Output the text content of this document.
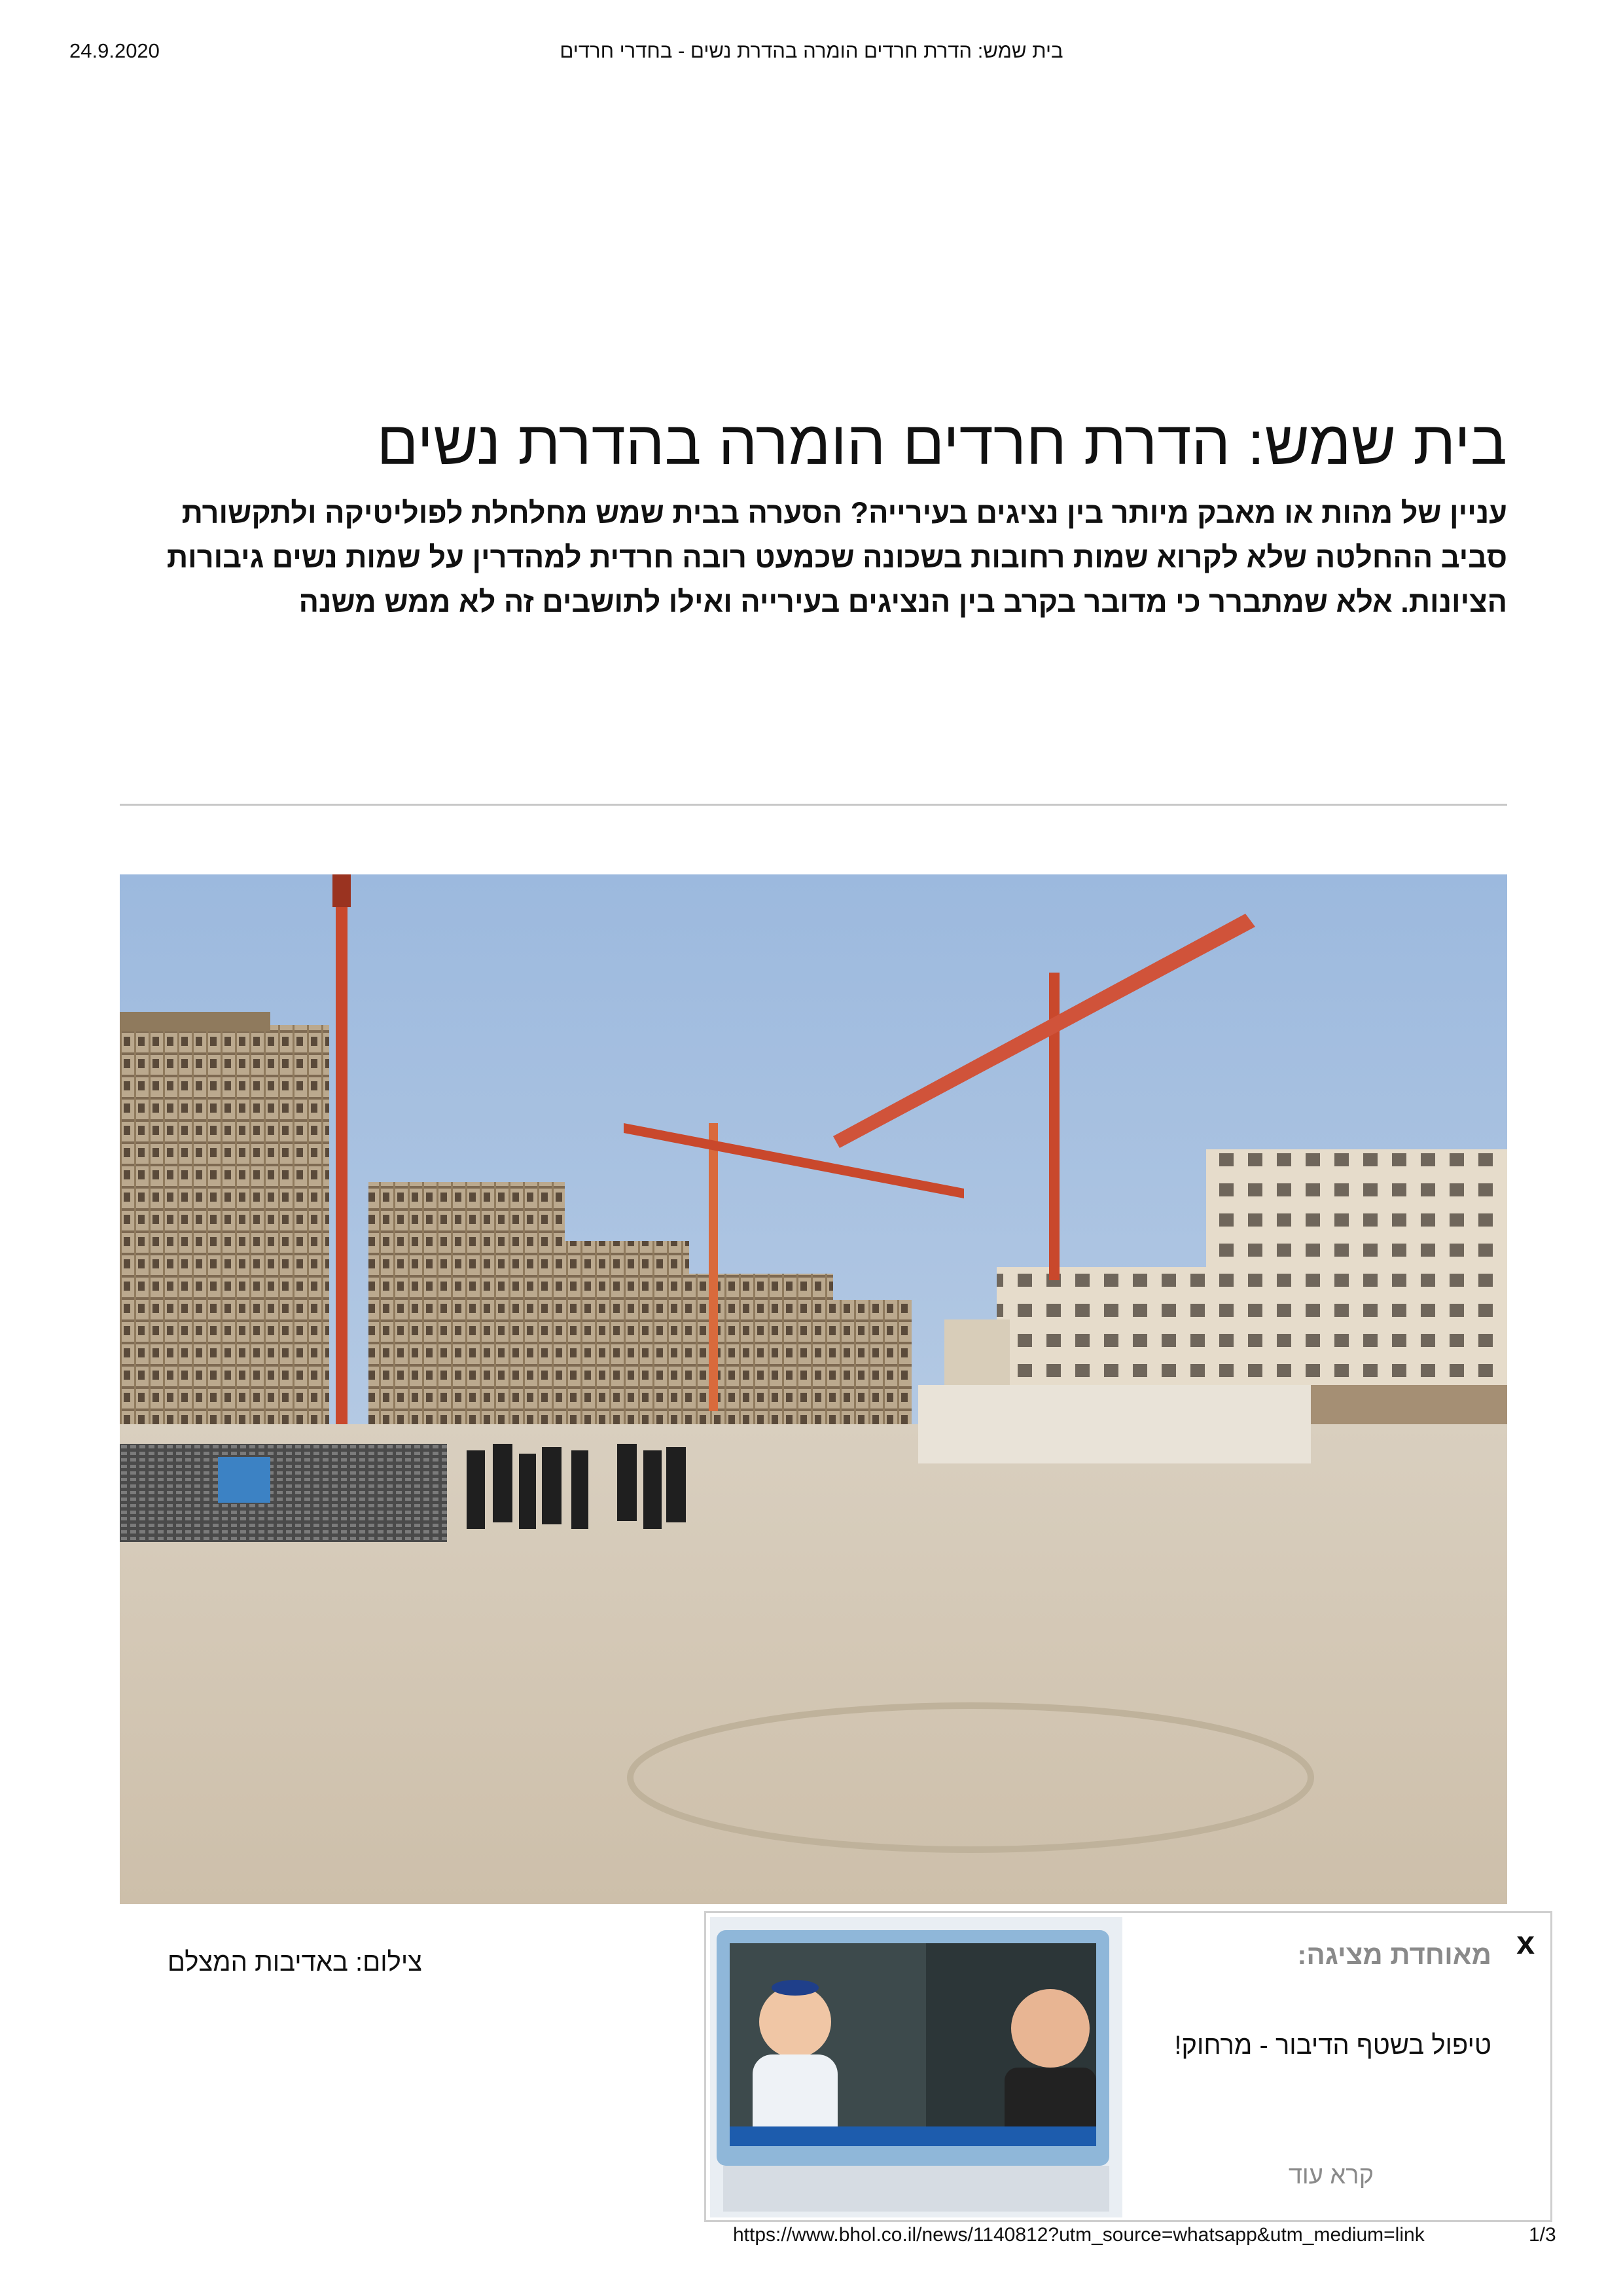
24.9.2020	בית שמש: הדרת חרדים הומרה בהדרת נשים - בחדרי חרדים
בית שמש: הדרת חרדים הומרה בהדרת נשים

עניין של מהות או מאבק מיותר בין נציגים בעירייה? הסערה בבית שמש מחלחלת לפוליטיקה ולתקשורת סביב ההחלטה שלא לקרוא שמות רחובות בשכונה שכמעט רובה חרדית למהדרין על שמות נשים גיבורות הציונות. אלא שמתברר כי מדובר בקרב בין הנציגים בעירייה ואילו לתושבים זה לא ממש משנה

צילום: באדיבות המצלם
x
מאוחדת מציגה:
טיפול בשטף הדיבור - מרחוק!
קרא עוד
https://www.bhol.co.il/news/1140812?utm_source=whatsapp&utm_medium=link	1/3
